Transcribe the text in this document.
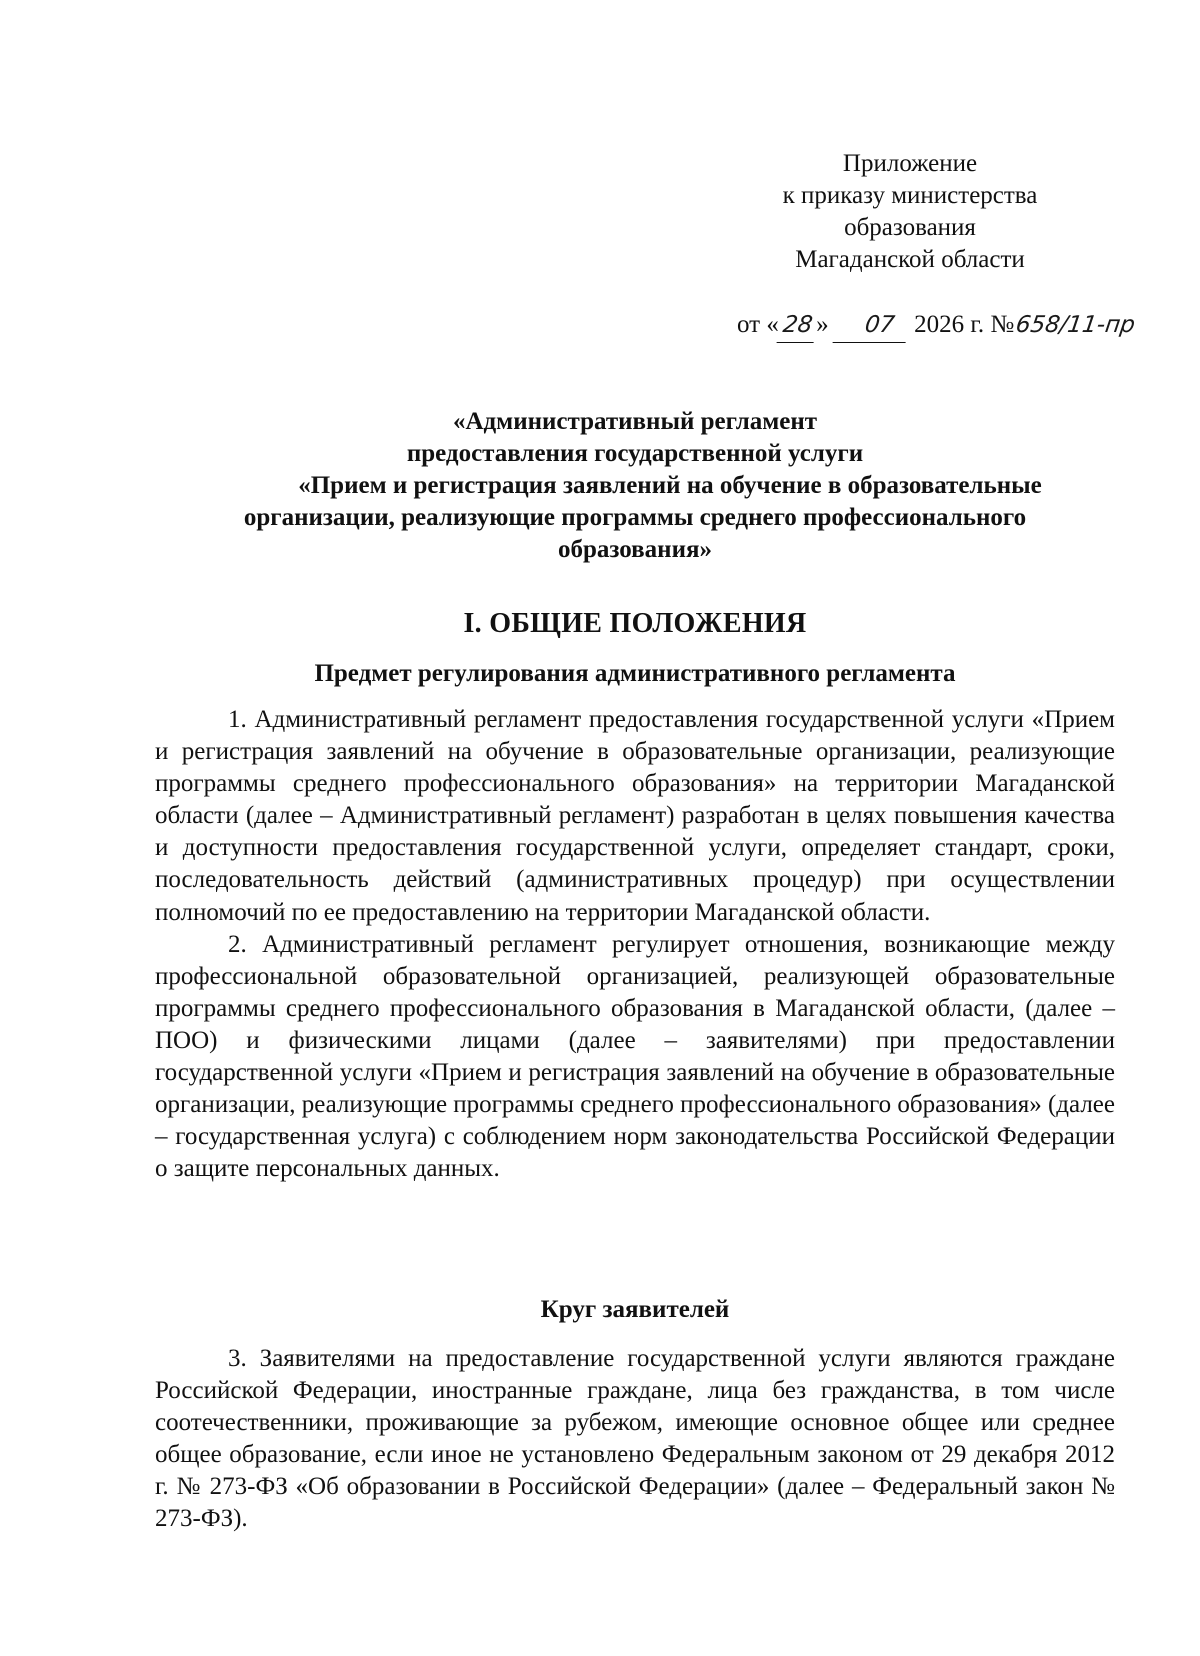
Приложение
к приказу министерства
образования
Магаданской области
от «28» 07 2026 г. №658/11-пр
«Административный регламент
предоставления государственной услуги
«Прием и регистрация заявлений на обучение в образовательные
организации, реализующие программы среднего профессионального
образования»
I. ОБЩИЕ ПОЛОЖЕНИЯ
Предмет регулирования административного регламента

1. Административный регламент предоставления государственной услуги «Прием и регистрация заявлений на обучение в образовательные организации, реализующие программы среднего профессионального образования» на территории Магаданской области (далее – Административный регламент) разработан в целях повышения качества и доступности предоставления государственной услуги, определяет стандарт, сроки, последовательность действий (административных процедур) при осуществлении полномочий по ее предоставлению на территории Магаданской области.

2. Административный регламент регулирует отношения, возникающие между профессиональной образовательной организацией, реализующей образовательные программы среднего профессионального образования в Магаданской области, (далее – ПОО) и физическими лицами (далее – заявителями) при предоставлении государственной услуги «Прием и регистрация заявлений на обучение в образовательные организации, реализующие программы среднего профессионального образования» (далее – государственная услуга) с соблюдением норм законодательства Российской Федерации о защите персональных данных.

Круг заявителей

3. Заявителями на предоставление государственной услуги являются граждане Российской Федерации, иностранные граждане, лица без гражданства, в том числе соотечественники, проживающие за рубежом, имеющие основное общее или среднее общее образование, если иное не установлено Федеральным законом от 29 декабря 2012 г. № 273-ФЗ «Об образовании в Российской Федерации» (далее – Федеральный закон № 273-ФЗ).
